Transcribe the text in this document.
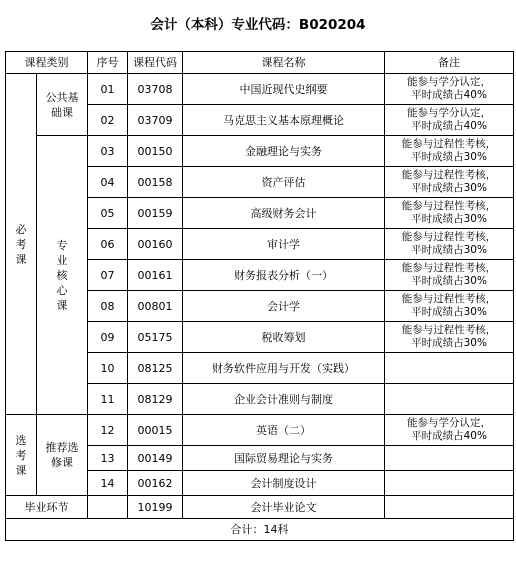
会计（本科）专业代码：B020204
课程类别		序号	课程代码	课程名称	备注
必考课	公共基础课	01	03708	中国近现代史纲要	能参与学分认定，
平时成绩占40%

		02	03709	马克思主义基本原理概论	能参与学分认定，
平时成绩占40%

	专业核心课	03	00150	金融理论与实务	能参与过程性考核，
平时成绩占30%

		04	00158	资产评估	能参与过程性考核，
平时成绩占30%

		05	00159	高级财务会计	能参与过程性考核，
平时成绩占30%

		06	00160	审计学	能参与过程性考核，
平时成绩占30%

		07	00161	财务报表分析（一）	能参与过程性考核，
平时成绩占30%

		08	00801	会计学	能参与过程性考核，
平时成绩占30%

		09	05175	税收筹划	能参与过程性考核，
平时成绩占30%

		10	08125	财务软件应用与开发（实践）	

		11	08129	企业会计准则与制度	

选考课	推荐选修课	12	00015	英语（二）	能参与学分认定，
平时成绩占40%

		13	00149	国际贸易理论与实务	

		14	00162	会计制度设计	

毕业环节			10199	会计毕业论文	

合计：14科					
